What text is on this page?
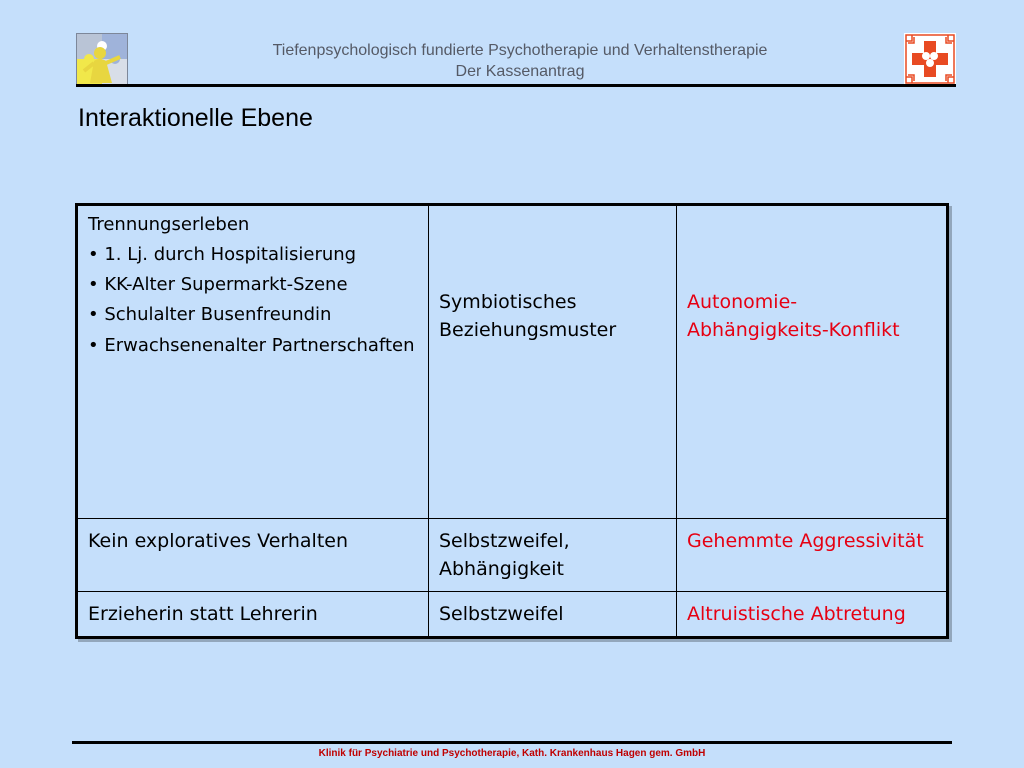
Tiefenpsychologisch fundierte Psychotherapie und Verhaltenstherapie
Der Kassenantrag
Interaktionelle Ebene
Trennungserleben
• 1. Lj. durch Hospitalisierung
• KK-Alter Supermarkt-Szene
• Schulalter Busenfreundin
• Erwachsenenalter Partnerschaften	Symbiotisches Beziehungsmuster	Autonomie-Abhängigkeits-Konflikt
Kein exploratives Verhalten	Selbstzweifel, Abhängigkeit	Gehemmte Aggressivität
Erzieherin statt Lehrerin	Selbstzweifel	Altruistische Abtretung
Klinik für Psychiatrie und Psychotherapie, Kath. Krankenhaus Hagen gem. GmbH
